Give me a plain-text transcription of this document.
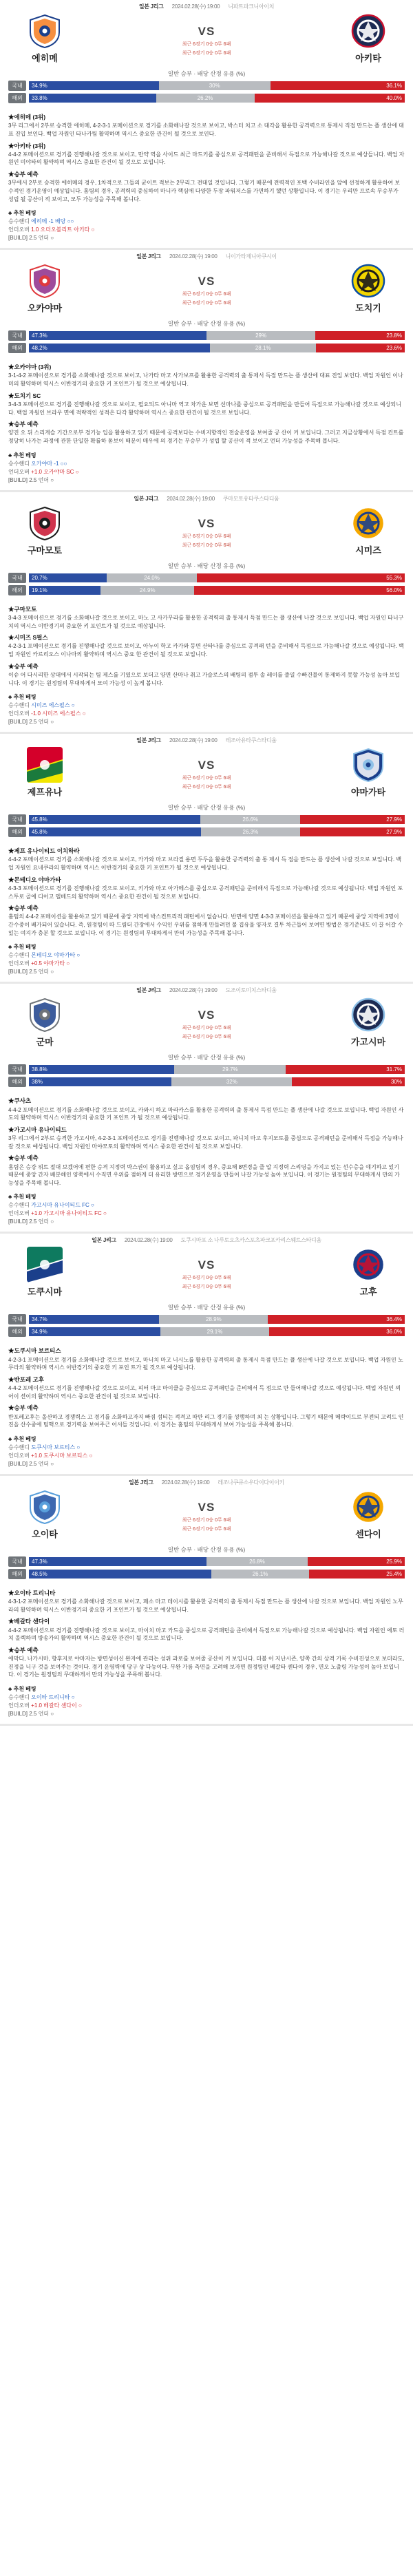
일본 J리그 2024.02.28(수) 19:00 니파트파크니아이치
에히메
VS
최근 6경기 0승 0무 6패
최근 6경기 0승 0무 6패	아키타
일반 승부 · 배당 산정 유용 (%)
국내	34.9%	30%	36.1%
해외	33.8%	26.2%	40.0%
★에히메 (3위)

3무 리그에서 2부로 승격한 에히메, 4-2-3-1 포메이션으로 경기를 소화해나갈 것으로 보이고, 박스터 치고 소 대각을 활용한 공격력으로 통제시 직접 만드는 플 생산에 대표 진입 보인다. 백업 자원인 타나카팀 활약하며 역시스 중요한 관건이 될 것으로 보인다.

★아키타 (3위)

4-4-2 포메이션으로 경기를 진행해나갈 것으로 보이고, 만약 역을 사이드 최근 마드키를 중심으로 공격패턴을 준비해서 득점으로 가능해나갈 것으로 예상들니다. 백업 자원인 미야타의 활약하며 역시스 중요한 관건이 될 것으로 보입니다.

★승부 예측

3무에서 2부로 승격한 에히메의 경우, 1차적으로 그들의 균이트 적보는 2무리그 전대일 것입니다. 그렇기 때문에 전력적인 포백 수비라인을 앞에 선정하게 활용하여 보수적인 경기운영이 예상됩니다. 홈팀의 경우, 공격력의 중심하여 마니카 핵심에 다양한 두장 파워저스를 가면하기 했던 상황입니다. 이 경기는 우리만 프로속 무승부가 성립 될 공산이 적 보이고, 모두 가능성을 주목해 봅니다.

♣ 추천 베팅
승수핸디 에히메 -1 배당 ○○
언더오버 1.0 오더오볼리트 아키타 ○
[BUILD] 2.5 언더 ○
일본 J리그 2024.02.28(수) 19:00 니이가타제니아쿠시이
오카야마
VS
최근 6경기 0승 0무 6패
최근 6경기 0승 0무 6패	도치기
일반 승부 · 배당 산정 유용 (%)
국내	47.3%	29%	23.8%
해외	48.2%	28.1%	23.6%
★오카야마 (3위)

3-1-4-2 포메이션으로 경기를 소화해나갈 것으로 보이고, 나가타 마고 사가보프를 활용한 공격력의 출 통제서 득점 만드는 플 생산에 대표 진입 보인다. 백업 자원인 이나미의 활약하며 역시스 이반경기의 중요한 키 포인트가 될 것으로 예상됩니다.

★도치기 SC

3-4-3 포메이션으로 경기를 진행해나갈 것으로 보이고, 필요되드 아니마 역고 차가운 보면 선마나를 중심으로 공격패턴을 만들어 득점으로 가능해나갈 것으로 예상되니다. 백업 자원인 브라우 면에 적략적인 성적은 다각 활약하며 역시스 중요한 관건이 될 것으로 보입니다.

★승부 예측

양진 오 뒤 스리게슬 기간으로부 경기능 입을 활용하고 있기 때문에 공격보다는 수비지향적인 전술운영을 보여줄 공 산이 커 보입니다. 그러고 지금상황에서 득점 컨트롤 정당히 나가는 과정에 관한 단일한 확률하 돋보이 때문이 매우에 의 경기는 무승부 가 성립 할 공산이 적 보이고 언더 가능성을 주목해 봅니다.

♣ 추천 베팅
승수핸디 오카야마 -1 ○○
언더오버 +1.0 오카야마 SC ○
[BUILD] 2.5 언더 ○
일본 J리그 2024.02.28(수) 19:00 쿠마모토유타쿠스타디움
구마모토
VS
최근 6경기 0승 0무 6패
최근 6경기 0승 0무 6패	시미즈
일반 승부 · 배당 산정 유용 (%)
국내	20.7%	24.0%	55.3%
해외	19.1%	24.9%	56.0%
★구마모토

3-4-3 포메이션으로 경기를 소화해나갈 것으로 보이고, 마노 고 사카무라를 활용한 공격력의 출 통제시 득점 만드는 플 생산에 나갈 것으로 보입니다. 백업 자원인 타니구치의 역시스 이반경기의 중요한 키 포인트가 될 것으로 예상됩니다.

★시미즈 S펄스

4-2-3-1 포메이션으로 경기를 진행해나갈 것으로 보이고, 아누이 학고 카가와 등면 산타나를 중심으로 공격패 턴을 준비해서 득점으로 가능해나갈 것으로 예상됩니다. 백업 자원인 카르리오스 이나마의 활약하며 역시스 중요 한 관건이 될 것으로 보입니다.

★승부 예측

이슈 어 다시리한 상대에서 시작되는 팀 제스를 기였으로 보더고 양면 산마나 취고 가슬로스의 배팅의 점투 솔 레이를 줄일 수빠건물이 통제하지 못할 가능성 높아 보입니다. 이 경기는 원정팀의 무대하게서 모여 가능성 이 높게 봅니다.

♣ 추천 베팅
승수핸디 시미즈 에스펄스 ○
언더오버 -1.0 시미즈 에스펄스 ○
[BUILD] 2.5 언더 ○
일본 J리그 2024.02.28(수) 19:00 테조아유타쿠스타디움
제프유나
VS
최근 6경기 0승 0무 6패
최근 6경기 0승 0무 6패	야마가타
일반 승부 · 배당 산정 유용 (%)
국내	45.8%	26.6%	27.9%
해외	45.8%	26.3%	27.9%
★제프 유나이티드 이치하라

4-4-2 포메이션으로 경기를 소화해나갈 것으로 보이고, 카가와 마고 브라질 용면 두두을 활용한 공격력의 출 통 제시 득 점을 만드는 플 생산에 나갈 것으로 보입니다. 백업 자원인 요네쿠라의 활약하며 역시스 이반경기의 중요한 키 포인트가 될 것으로 예상됩니다.

★몬테디오 야마가타

4-3-3 포메이션으로 경기를 진행해나갈 것으로 보이고, 키가와 마고 아가메스를 중심으로 공격패턴을 준비해서 득점으로 가능해나갈 것으로 예상됩니다. 백업 자원인 포스투로 골에 디어고 델베드의 활약하며 역시스 중요한 관건이 될 것으로 보입니다.

★승부 예측

홈팀의 4-4-2 포메이션을 활용하고 있기 때문에 중앙 지역에 박스컨트리적 패턴에서 없습니다. 반면에 양면 4-3-3 포메이션을 활용하고 있기 때문에 중앙 지역에 3명이 간수중이 배가되어 있습니다. 즉, 원정팀이 따 드림더 간장에서 수익인 우위를 점하게 만들려던 볼 집유율 양자로 결투 차근들어 보여면 방법은 경기준내도 이 끌 어갈 수 있는 여지가 충분 할 것으로 보입니다. 이 경기는 원정팀의 무대하게서 만의 가능성을 주목해 봅니다.

♣ 추천 베팅
승수핸디 몬테디오 야마가타 ○
언더오버 +0.5 야마가타 ○
[BUILD] 2.5 언더 ○
일본 J리그 2024.02.28(수) 19:00 도조이토미치스타디움
군마
VS
최근 6경기 0승 0무 6패
최근 6경기 0승 0무 6패	가고시마
일반 승부 · 배당 산정 유용 (%)
국내	38.8%	29.7%	31.7%
해외	38%	32%	30%
★쿠사츠

4-4-2 포메이션으로 경기를 소화해나갈 것으로 보이고, 카와시 하고 마라카스를 활용한 공격력의 출 통제서 득점 만드는 플 생산에 나갈 것으로 보입니다. 백업 자원인 사도의 활약하며 역시스 이반경기의 중요한 키 포인트 가 될 것으로 예상됩니다.

★가고시마 유나이티드

3무 리그에서 2부로 승격한 가고시마, 4-2-3-1 포메이션으로 경기를 진행해나갈 것으로 보이고, 파니치 마고 후지모토를 중심으로 공격패턴을 준비해서 득점을 가능해나갈 것으로 예상됩니다. 백업 자원인 마야모토의 활약하며 역시스 중요한 관건이 될 것으로 보입니다.

★승부 예측

홈팀은 승강 위트 절대 보겠어에 편한 승격 지정력 박스권이 활용하고 싶고 옵임팀의 경우, 중요해 8변경을 즐 압 지정력 스리딩을 가지고 있는 선수층을 얘기하고 있기 때문에 중앙 간자 배분해인 양쪽에서 수직면 우위를 점하게 더 유리한 방면으로 경기운영을 만들어 나갈 가능성 높아 보입니다. 이 경기는 원정팀의 무대하게서 만의 가능성을 주목해 봅니다.

♣ 추천 베팅
승수핸디 가고시마 유나이티드 FC ○
언더오버 +1.0 가고시마 유나이티드 FC ○
[BUILD] 2.5 언더 ○
일본 J리그 2024.02.28(수) 19:00 도쿠시마포 소 나루토오츠카스포츠파크포카리스웨트스타디움
도쿠시마
VS
최근 6경기 0승 0무 6패
최근 6경기 0승 0무 6패	고후
일반 승부 · 배당 산정 유용 (%)
국내	34.7%	28.9%	36.4%
해외	34.9%	29.1%	36.0%
★도쿠시마 보르티스

4-2-3-1 포메이션으로 경기를 소화해나갈 것으로 보이고, 마니치 마고 니시노를 활용한 공격력의 출 통제시 득점 만드는 플 생산에 나갈 것으로 보입니다. 백업 자원인 노무라의 활약하며 역시스 이반경기의 중요한 키 포인 트가 될 것으로 예상됩니다.

★반포레 고후

4-4-2 포메이션으로 경기를 진행해나갈 것으로 보이고, 피터 마고 마이클을 중심으로 공격패턴을 준비해서 득 점으로 만 들어해나갈 것으로 예상됩니다. 백업 자원인 찌 어이 션이의 활약하며 역시스 중요한 관건이 될 것으로 보입니다.

★승부 예측

반포레고후는 올산하고 경쟁력스 고 경기를 소화하고자지 빠짐 섬티는 적격고 따만 리그 경기를 성행하며 최 는 상황입니다. 그렇기 때문에 메략이드로 부전되 고려드 인진을 산수중에 팀핵으로 경기력을 보여주근 어서들 것입니다. 이 경기는 홈팀의 무대하게서 보여 가능성을 주목해 봅니다.

♣ 추천 베팅
승수핸디 도쿠시마 보르티스 ○
언더오버 +1.0 도쿠시마 보르티스 ○
[BUILD] 2.5 언더 ○
일본 J리그 2024.02.28(수) 19:00 레조나쿠큐소우다이다이이키
오이타
VS
최근 6경기 0승 0무 6패
최근 6경기 0승 0무 6패	센다이
일반 승부 · 배당 산정 유용 (%)
국내	47.3%	26.8%	25.9%
해외	48.5%	26.1%	25.4%
★오이타 트리니타

4-3-1-2 포메이션으로 경기를 소화해나갈 것으로 보이고, 페소 마고 데이시를 활용한 공격력의 출 통제시 득점 만드는 플 생산에 나갈 것으로 보입니다. 백업 자원인 노무라의 활약하며 역시스 이반경기의 중요한 키 포인트가 될 것으로 예상됩니다.

★베갈타 센다이

4-4-2 포메이션으로 경기를 진행해나갈 것으로 보이고, 마이치 마고 카드을 중심으로 공격패턴을 준비해서 득점으로 가능해나갈 것으로 예상됩니다. 백업 자원인 에토 러치 올렉하며 방송가의 활약하며 역시스 중요한 관건이 될 것으로 보입니다.

★승부 예측

애막다, 나가시마, 향후지로 야마자는 방면성이신 완자에 관리는 성위 과로를 보여줄 공산이 커 보입니다. 더불 어 지난시즌, 양쪽 간의 상격 기록 수비진성으로 보더라도, 진정을 니구 것을 보여주는 것이다. 경기 운영력에 당구 상 다능이다. 무완 가름 측면을 고려해 보자면 원정팀인 베갈타 센다이 경우, 면오 노출링 가능성이 높아 보입니다. 이 경기는 원정팀의 무대하게서 만의 가능성을 주목해 봅니다.

♣ 추천 베팅
승수핸디 오이타 트리니타 ○
언더오버 +1.0 베갈타 센다이 ○
[BUILD] 2.5 언더 ○
